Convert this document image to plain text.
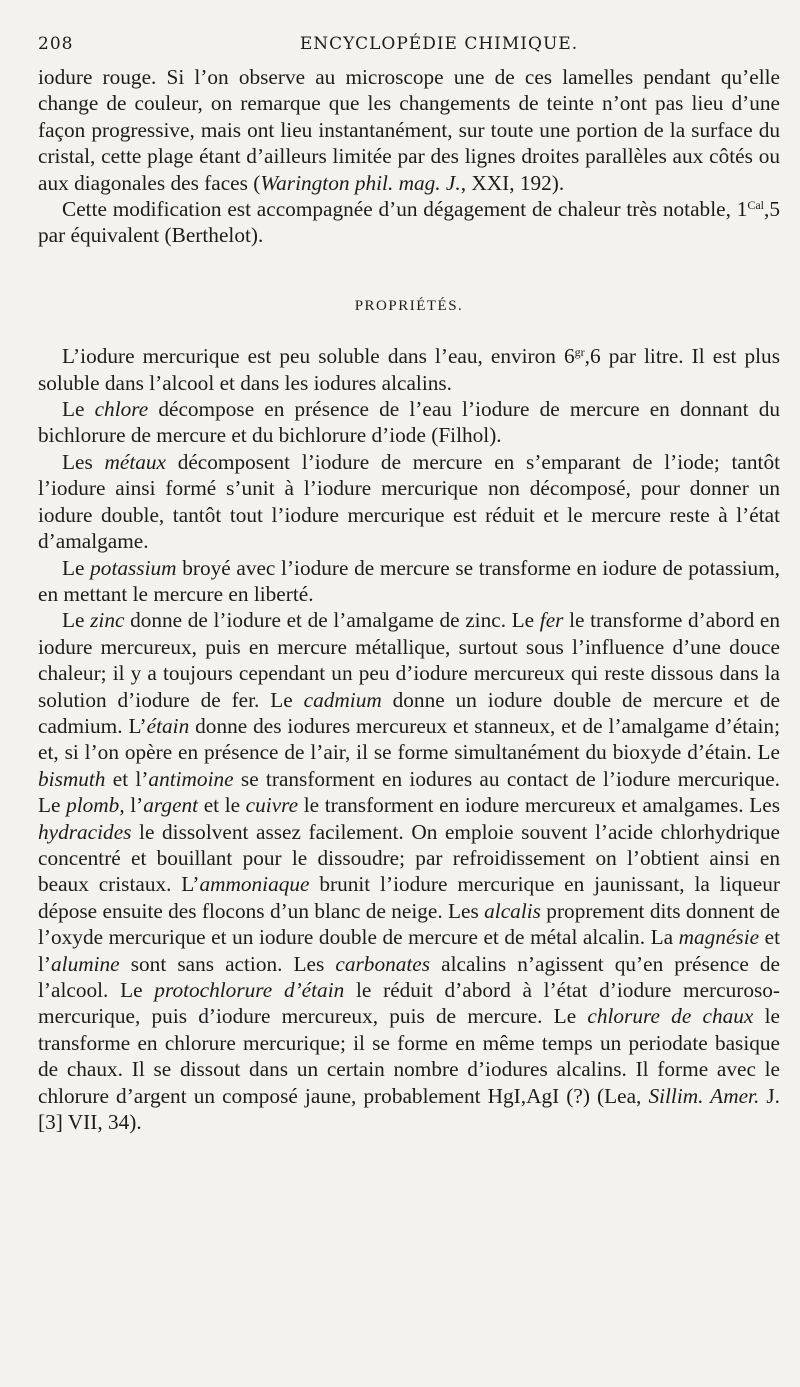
208	ENCYCLOPÉDIE CHIMIQUE.

iodure rouge. Si l’on observe au microscope une de ces lamelles pendant qu’elle change de couleur, on remarque que les changements de teinte n’ont pas lieu d’une façon progressive, mais ont lieu instantanément, sur toute une portion de la surface du cristal, cette plage étant d’ailleurs limitée par des lignes droites parallèles aux côtés ou aux diagonales des faces (Warington phil. mag. J., XXI, 192).

Cette modification est accompagnée d’un dégagement de chaleur très notable, $1^{Cal},5$ par équivalent (Berthelot).

PROPRIÉTÉS.

L’iodure mercurique est peu soluble dans l’eau, environ $6^{gr},6$ par litre. Il est plus soluble dans l’alcool et dans les iodures alcalins.

Le chlore décompose en présence de l’eau l’iodure de mercure en donnant du bichlorure de mercure et du bichlorure d’iode (Filhol).

Les métaux décomposent l’iodure de mercure en s’emparant de l’iode; tantôt l’iodure ainsi formé s’unit à l’iodure mercurique non décomposé, pour donner un iodure double, tantôt tout l’iodure mercurique est réduit et le mercure reste à l’état d’amalgame.

Le potassium broyé avec l’iodure de mercure se transforme en iodure de potassium, en mettant le mercure en liberté.

Le zinc donne de l’iodure et de l’amalgame de zinc. Le fer le transforme d’abord en iodure mercureux, puis en mercure métallique, surtout sous l’influence d’une douce chaleur; il y a toujours cependant un peu d’iodure mercureux qui reste dissous dans la solution d’iodure de fer. Le cadmium donne un iodure double de mercure et de cadmium. L’étain donne des iodures mercureux et stanneux, et de l’amalgame d’étain; et, si l’on opère en présence de l’air, il se forme simultanément du bioxyde d’étain. Le bismuth et l’antimoine se transforment en iodures au contact de l’iodure mercurique. Le plomb, l’argent et le cuivre le transforment en iodure mercureux et amalgames. Les hydracides le dissolvent assez facilement. On emploie souvent l’acide chlorhydrique concentré et bouillant pour le dissoudre; par refroidissement on l’obtient ainsi en beaux cristaux. L’ammoniaque brunit l’iodure mercurique en jaunissant, la liqueur dépose ensuite des flocons d’un blanc de neige. Les alcalis proprement dits donnent de l’oxyde mercurique et un iodure double de mercure et de métal alcalin. La magnésie et l’alumine sont sans action. Les carbonates alcalins n’agissent qu’en présence de l’alcool. Le protochlorure d’étain le réduit d’abord à l’état d’iodure mercuroso-mercurique, puis d’iodure mercureux, puis de mercure. Le chlorure de chaux le transforme en chlorure mercurique; il se forme en même temps un periodate basique de chaux. Il se dissout dans un certain nombre d’iodures alcalins. Il forme avec le chlorure d’argent un composé jaune, probablement HgI,AgI (?) (Lea, Sillim. Amer. J. [3] VII, 34).
